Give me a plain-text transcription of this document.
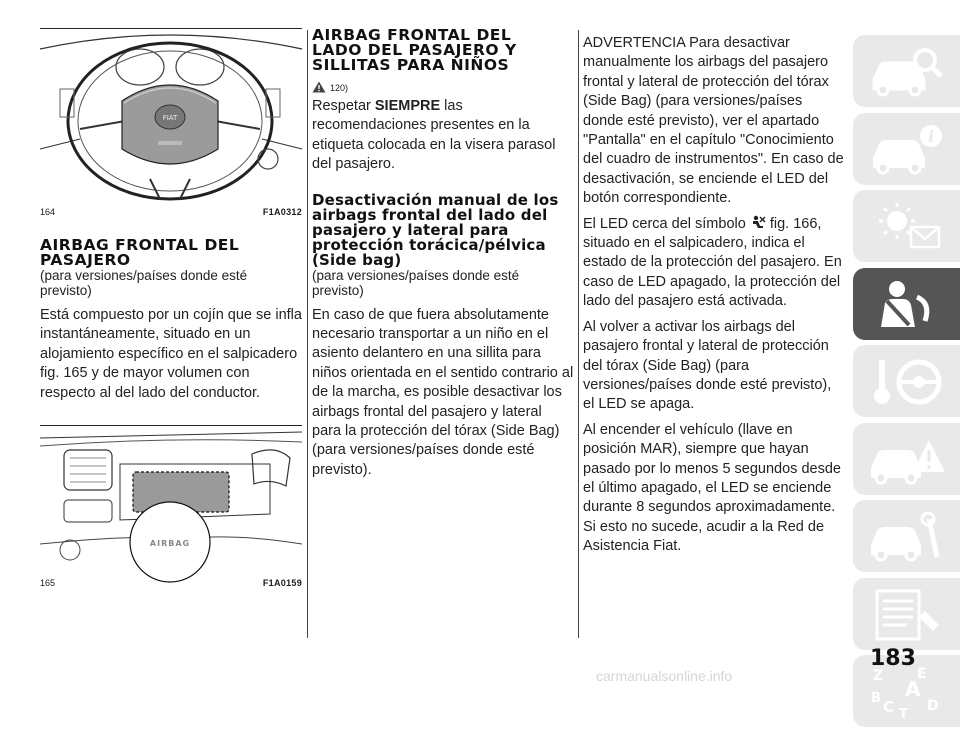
FIAT
164	F1A0312
AIRBAG FRONTAL DEL PASAJERO
(para versiones/países donde esté previsto)

Está compuesto por un cojín que se infla instantáneamente, situado en un alojamiento específico en el salpicadero fig. 165 y de mayor volumen con respecto al del lado del conductor.

AIRBAG
165	F1A0159
AIRBAG FRONTAL DEL LADO DEL PASAJERO Y SILLITAS PARA NIÑOS
120)

Respetar SIEMPRE las recomendaciones presentes en la etiqueta colocada en la visera parasol del pasajero.

Desactivación manual de los airbags frontal del lado del pasajero y lateral para protección torácica/pélvica (Side bag)
(para versiones/países donde esté previsto)

En caso de que fuera absolutamente necesario transportar a un niño en el asiento delantero en una sillita para niños orientada en el sentido contrario al de la marcha, es posible desactivar los airbags frontal del pasajero y lateral para la protección del tórax (Side Bag) (para versiones/países donde esté previsto).

ADVERTENCIA Para desactivar manualmente los airbags del pasajero frontal y lateral de protección del tórax (Side Bag) (para versiones/países donde esté previsto), ver el apartado "Pantalla" en el capítulo "Conocimiento del cuadro de instrumentos". En caso de desactivación, se enciende el LED del botón correspondiente.

El LED cerca del símbolo fig. 166, situado en el salpicadero, indica el estado de la protección del pasajero. En caso de LED apagado, la protección del lado del pasajero está activada.

Al volver a activar los airbags del pasajero frontal y lateral de protección del tórax (Side Bag) (para versiones/países donde esté previsto), el LED se apaga.

Al encender el vehículo (llave en posición MAR), siempre que hayan pasado por lo menos 5 segundos desde el último apagado, el LED se enciende durante 8 segundos aproximadamente. Si esto no sucede, acudir a la Red de Asistencia Fiat.

i
Z E
A
B C T
D
183
carmanualsonline.info
